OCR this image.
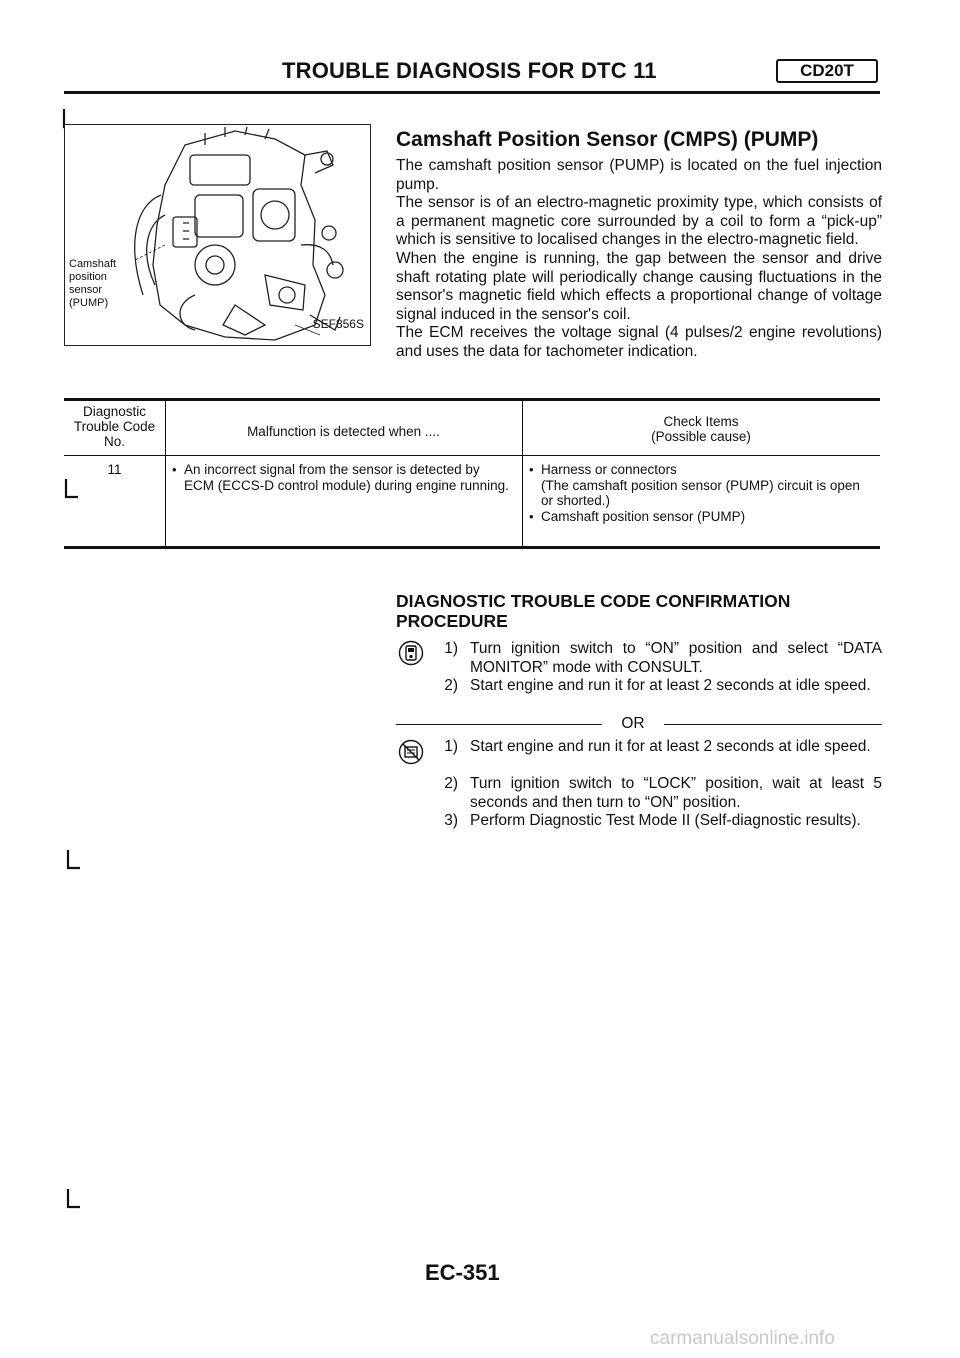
TROUBLE DIAGNOSIS FOR DTC 11	CD20T
Camshaft
position
sensor
(PUMP)
SEF856S
Camshaft Position Sensor (CMPS) (PUMP)

The camshaft position sensor (PUMP) is located on the fuel injection pump.

The sensor is of an electro-magnetic proximity type, which consists of a permanent magnetic core surrounded by a coil to form a “pick-up” which is sensitive to localised changes in the electro-magnetic field.

When the engine is running, the gap between the sensor and drive shaft rotating plate will periodically change causing fluctuations in the sensor's magnetic field which effects a proportional change of voltage signal induced in the sensor's coil.

The ECM receives the voltage signal (4 pulses/2 engine revolutions) and uses the data for tachometer indication.

Diagnostic
Trouble Code
No.
Malfunction is detected when ....
Check Items
(Possible cause)
11
•	An incorrect signal from the sensor is detected by ECM (ECCS-D control module) during engine running.
• Harness or connectors
(The camshaft position sensor (PUMP) circuit is open or shorted.)
• Camshaft position sensor (PUMP)
DIAGNOSTIC TROUBLE CODE CONFIRMATION PROCEDURE
1) Turn ignition switch to “ON” position and select “DATA MONITOR” mode with CONSULT.
2) Start engine and run it for at least 2 seconds at idle speed.
OR
1) Start engine and run it for at least 2 seconds at idle speed.
2) Turn ignition switch to “LOCK” position, wait at least 5 seconds and then turn to “ON” position.
3) Perform Diagnostic Test Mode II (Self-diagnostic results).
EC-351
carmanualsonline.info
